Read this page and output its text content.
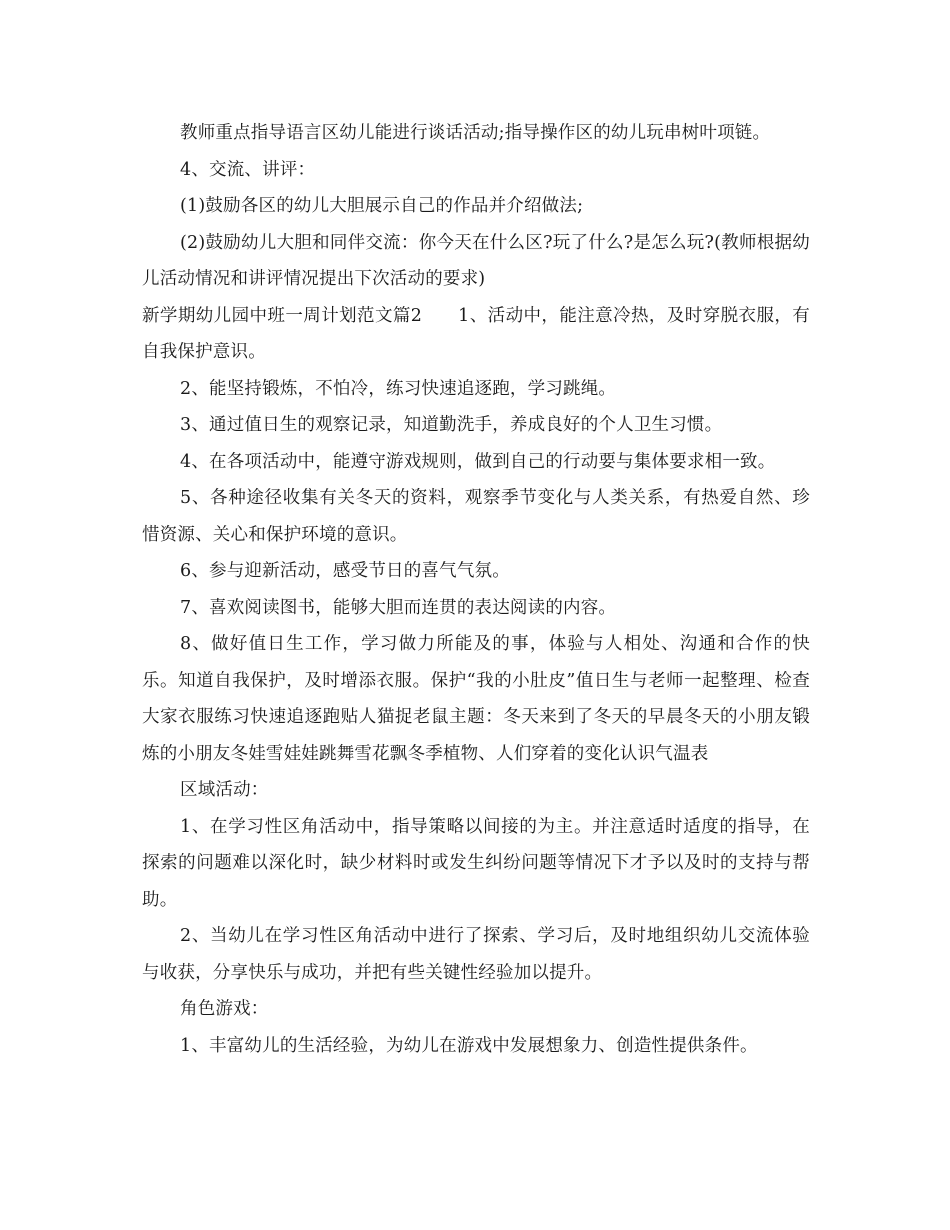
教师重点指导语言区幼儿能进行谈话活动;指导操作区的幼儿玩串树叶项链。

4、交流、讲评：

(1)鼓励各区的幼儿大胆展示自己的作品并介绍做法;

(2)鼓励幼儿大胆和同伴交流：你今天在什么区?玩了什么?是怎么玩?(教师根据幼儿活动情况和讲评情况提出下次活动的要求)

新学期幼儿园中班一周计划范文篇2　　1、活动中，能注意冷热，及时穿脱衣服，有自我保护意识。

2、能坚持锻炼，不怕冷，练习快速追逐跑，学习跳绳。

3、通过值日生的观察记录，知道勤洗手，养成良好的个人卫生习惯。

4、在各项活动中，能遵守游戏规则，做到自己的行动要与集体要求相一致。

5、各种途径收集有关冬天的资料，观察季节变化与人类关系，有热爱自然、珍惜资源、关心和保护环境的意识。

6、参与迎新活动，感受节日的喜气气氛。

7、喜欢阅读图书，能够大胆而连贯的表达阅读的内容。

8、做好值日生工作，学习做力所能及的事，体验与人相处、沟通和合作的快乐。知道自我保护，及时增添衣服。保护“我的小肚皮”值日生与老师一起整理、检查大家衣服练习快速追逐跑贴人猫捉老鼠主题：冬天来到了冬天的早晨冬天的小朋友锻炼的小朋友冬娃雪娃娃跳舞雪花飘冬季植物、人们穿着的变化认识气温表

区域活动：

1、在学习性区角活动中，指导策略以间接的为主。并注意适时适度的指导，在探索的问题难以深化时，缺少材料时或发生纠纷问题等情况下才予以及时的支持与帮助。

2、当幼儿在学习性区角活动中进行了探索、学习后，及时地组织幼儿交流体验与收获，分享快乐与成功，并把有些关键性经验加以提升。

角色游戏：

1、丰富幼儿的生活经验，为幼儿在游戏中发展想象力、创造性提供条件。
